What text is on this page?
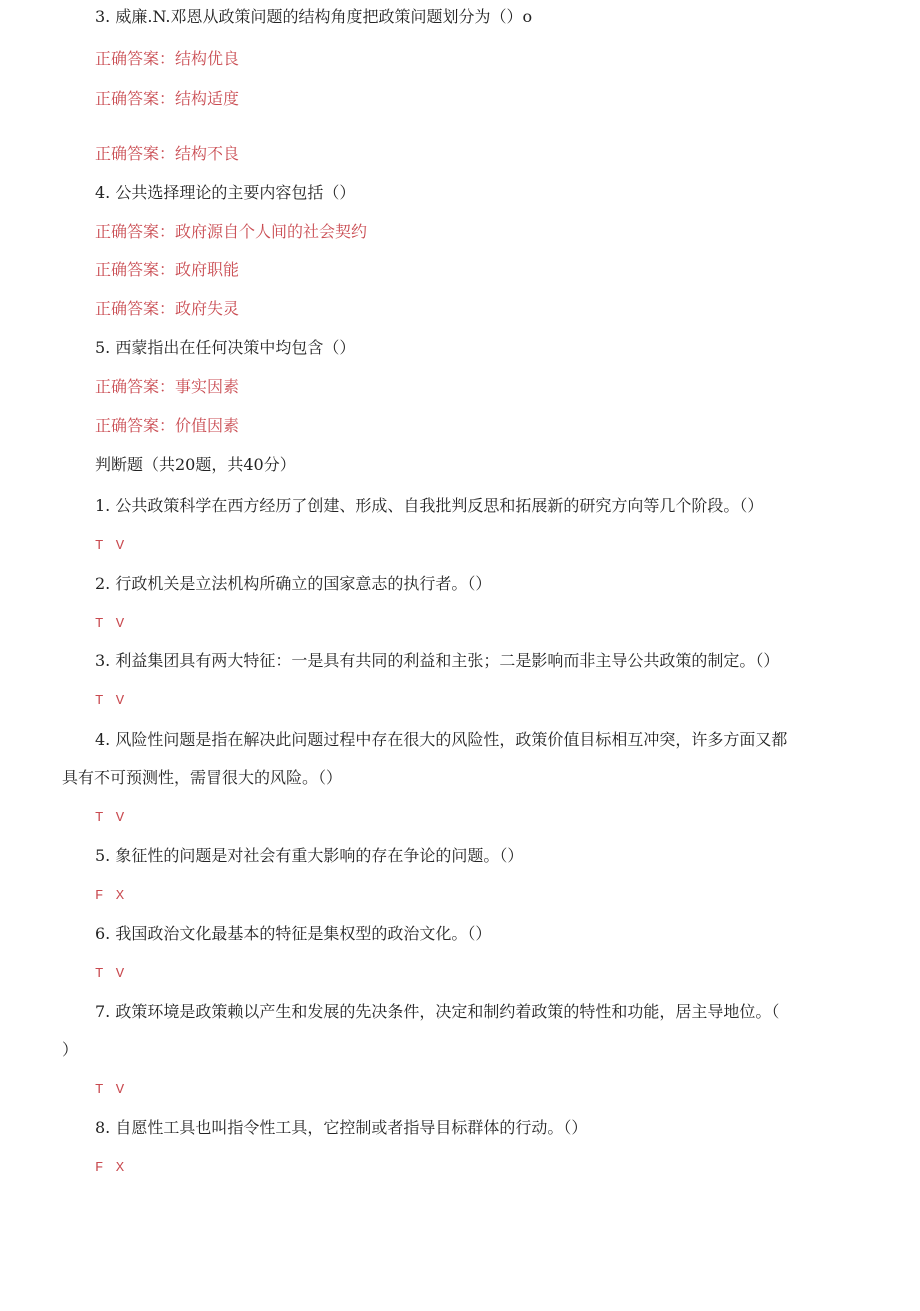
3. 威廉.N.邓恩从政策问题的结构角度把政策问题划分为（）o
正确答案：结构优良
正确答案：结构适度
正确答案：结构不良
4. 公共选择理论的主要内容包括（）
正确答案：政府源自个人间的社会契约
正确答案：政府职能
正确答案：政府失灵
5. 西蒙指出在任何决策中均包含（）
正确答案：事实因素
正确答案：价值因素
判断题（共20题，共40分）
1. 公共政策科学在西方经历了创建、形成、自我批判反思和拓展新的研究方向等几个阶段。（）
T V
2. 行政机关是立法机构所确立的国家意志的执行者。（）
T V
3. 利益集团具有两大特征：一是具有共同的利益和主张；二是影响而非主导公共政策的制定。（）
T V
4. 风险性问题是指在解决此问题过程中存在很大的风险性，政策价值目标相互冲突，许多方面又都
具有不可预测性，需冒很大的风险。（）
T V
5. 象征性的问题是对社会有重大影响的存在争论的问题。（）
F X
6. 我国政治文化最基本的特征是集权型的政治文化。（）
T V
7. 政策环境是政策赖以产生和发展的先决条件，决定和制约着政策的特性和功能，居主导地位。（
）
T V
8. 自愿性工具也叫指令性工具，它控制或者指导目标群体的行动。（）
F X
